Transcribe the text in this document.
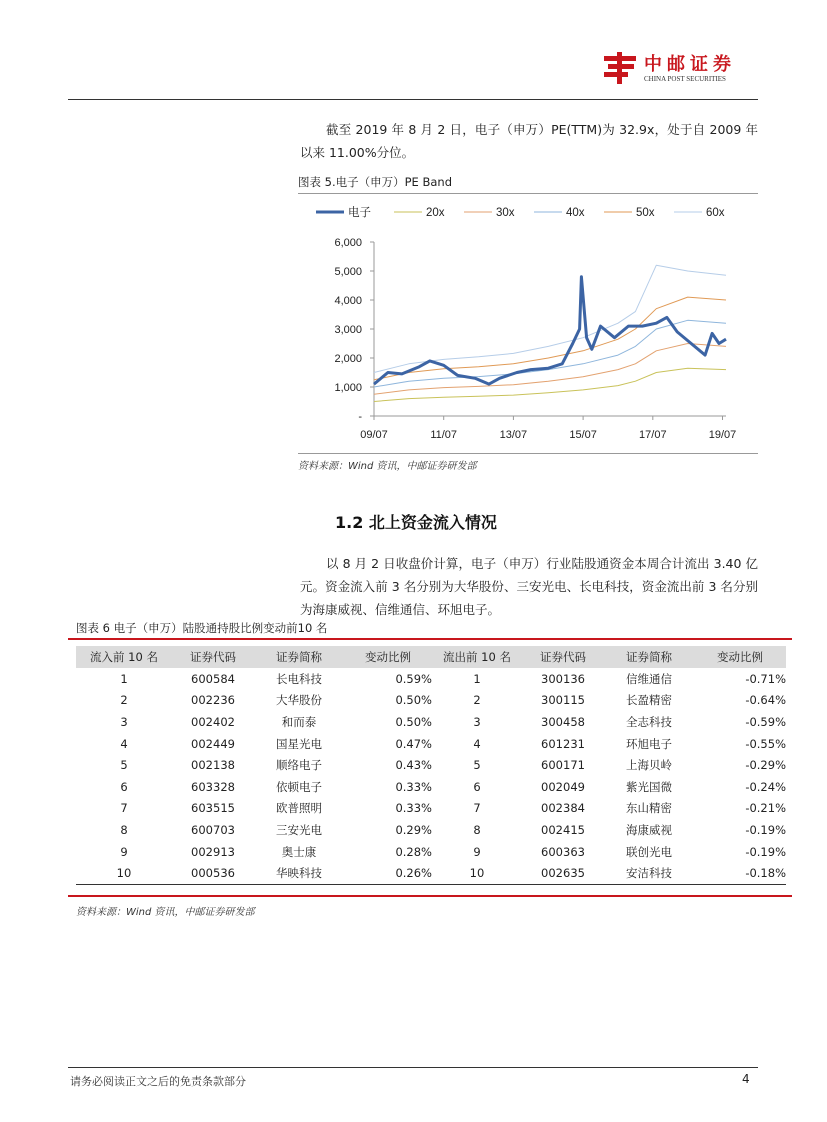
中邮证券
CHINA POST SECURITIES
截至 2019 年 8 月 2 日，电子（申万）PE(TTM)为 32.9x，处于自 2009 年以来 11.00%分位。
图表 5.电子（申万）PE Band
电子	20x	30x	40x	50x	60x
6,000
5,000
4,000
3,000
2,000
1,000
-
09/07	11/07	13/07	15/07	17/07	19/07
资料来源：Wind 资讯，中邮证券研发部
1.2 北上资金流入情况
以 8 月 2 日收盘价计算，电子（申万）行业陆股通资金本周合计流出 3.40 亿元。资金流入前 3 名分别为大华股份、三安光电、长电科技，资金流出前 3 名分别为海康威视、信维通信、环旭电子。
图表 6 电子（申万）陆股通持股比例变动前10 名
流入前 10 名	证券代码	证券简称	变动比例	流出前 10 名	证券代码	证券简称	变动比例
1	600584	长电科技	0.59%	1	300136	信维通信	-0.71%
2	002236	大华股份	0.50%	2	300115	长盈精密	-0.64%
3	002402	和而泰	0.50%	3	300458	全志科技	-0.59%
4	002449	国星光电	0.47%	4	601231	环旭电子	-0.55%
5	002138	顺络电子	0.43%	5	600171	上海贝岭	-0.29%
6	603328	依顿电子	0.33%	6	002049	紫光国微	-0.24%
7	603515	欧普照明	0.33%	7	002384	东山精密	-0.21%
8	600703	三安光电	0.29%	8	002415	海康威视	-0.19%
9	002913	奥士康	0.28%	9	600363	联创光电	-0.19%
10	000536	华映科技	0.26%	10	002635	安洁科技	-0.18%
资料来源：Wind 资讯，中邮证券研发部
请务必阅读正文之后的免责条款部分	4
